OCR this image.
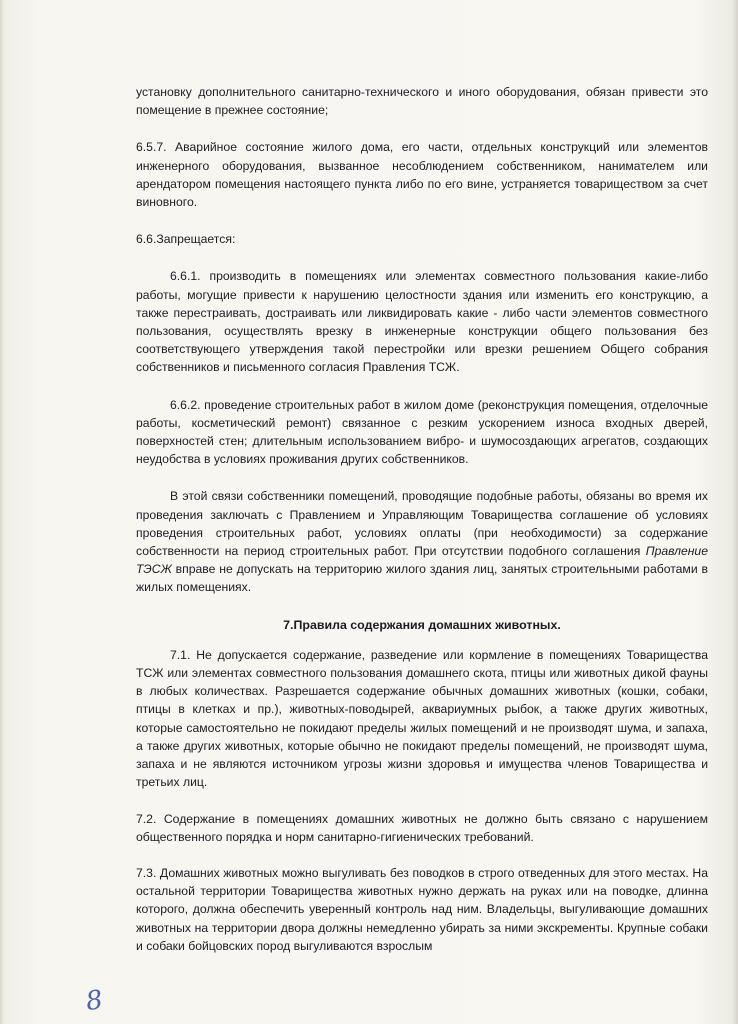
установку дополнительного санитарно-технического и иного оборудования, обязан привести это помещение в прежнее состояние;

6.5.7. Аварийное состояние жилого дома, его части, отдельных конструкций или элементов инженерного оборудования, вызванное несоблюдением собственником, нанимателем или арендатором помещения настоящего пункта либо по его вине, устраняется товариществом за счет виновного.

6.6.Запрещается:

6.6.1. производить в помещениях или элементах совместного пользования какие-либо работы, могущие привести к нарушению целостности здания или изменить его конструкцию, а также перестраивать, достраивать или ликвидировать какие - либо части элементов совместного пользования, осуществлять врезку в инженерные конструкции общего пользования без соответствующего утверждения такой перестройки или врезки решением Общего собрания собственников и письменного согласия Правления ТСЖ.

6.6.2. проведение строительных работ в жилом доме (реконструкция помещения, отделочные работы, косметический ремонт) связанное с резким ускорением износа входных дверей, поверхностей стен; длительным использованием вибро- и шумосоздающих агрегатов, создающих неудобства в условиях проживания других собственников.

В этой связи собственники помещений, проводящие подобные работы, обязаны во время их проведения заключать с Правлением и Управляющим Товарищества соглашение об условиях проведения строительных работ, условиях оплаты (при необходимости) за содержание собственности на период строительных работ. При отсутствии подобного соглашения Правление ТЭСЖ вправе не допускать на территорию жилого здания лиц, занятых строительными работами в жилых помещениях.

7.Правила содержания домашних животных.

7.1. Не допускается содержание, разведение или кормление в помещениях Товарищества ТСЖ или элементах совместного пользования домашнего скота, птицы или животных дикой фауны в любых количествах. Разрешается содержание обычных домашних животных (кошки, собаки, птицы в клетках и пр.), животных-поводырей, аквариумных рыбок, а также других животных, которые самостоятельно не покидают пределы жилых помещений и не производят шума, и запаха, а также других животных, которые обычно не покидают пределы помещений, не производят шума, запаха и не являются источником угрозы жизни здоровья и имущества членов Товарищества и третьих лиц.

7.2. Содержание в помещениях домашних животных не должно быть связано с нарушением общественного порядка и норм санитарно-гигиенических требований.

7.3. Домашних животных можно выгуливать без поводков в строго отведенных для этого местах. На остальной территории Товарищества животных нужно держать на руках или на поводке, длинна которого, должна обеспечить уверенный контроль над ним. Владельцы, выгуливающие домашних животных на территории двора должны немедленно убирать за ними экскременты. Крупные собаки и собаки бойцовских пород выгуливаются взрослым

8
